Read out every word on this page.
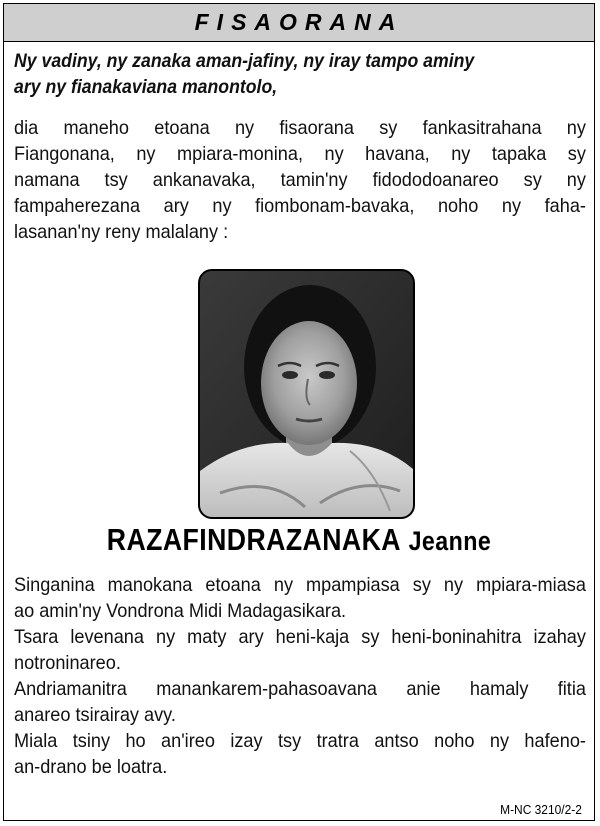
FISAORANA
Ny vadiny, ny zanaka aman-jafiny, ny iray tampo aminy
ary ny fianakaviana manontolo,
dia maneho etoana ny fisaorana sy fankasitrahana ny
Fiangonana, ny mpiara-monina, ny havana, ny tapaka sy
namana tsy ankanavaka, tamin'ny fidododoanareo sy ny
fampaherezana ary ny fiombonam-bavaka, noho ny faha-
lasanan'ny reny malalany :
RAZAFINDRAZANAKA Jeanne
Singanina manokana etoana ny mpampiasa sy ny mpiara-miasa
ao amin'ny Vondrona Midi Madagasikara.
Tsara levenana ny maty ary heni-kaja sy heni-boninahitra izahay
notroninareo.
Andriamanitra manankarem-pahasoavana anie hamaly fitia
anareo tsirairay avy.
Miala tsiny ho an'ireo izay tsy tratra antso noho ny hafeno-
an-drano be loatra.
M-NC 3210/2-2
